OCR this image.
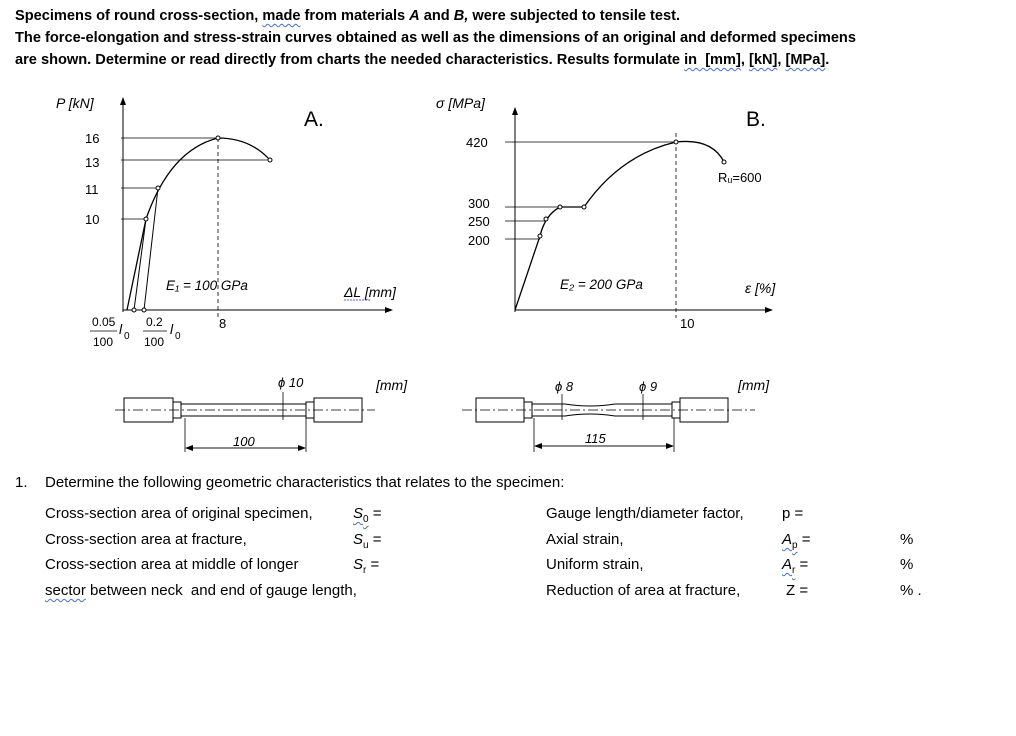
Specimens of round cross-section, made from materials A and B, were subjected to tensile test.

The force-elongation and stress-strain curves obtained as well as the dimensions of an original and deformed specimens

are shown. Determine or read directly from charts the needed characteristics. Results formulate in  [mm], [kN], [MPa].

P [kN]
A.
ΔL [mm]
16
13
11
10
E₁ = 100 GPa
8
0.05
100
l 0
0.2
100
l 0
σ [MPa]
B.
ε [%]
420
300
250
200
Rᵤ=600
E₂ = 200 GPa
10
ϕ 10	[mm]
100
ϕ 8	ϕ 9	[mm]
115
1. Determine the following geometric characteristics that relates to the specimen:
Cross-section area of original specimen,	$S_0$ =
Cross-section area at fracture,	$S_u$ =
Cross-section area at middle of longer	$S_r$ =
sector between neck  and end of gauge length,
Gauge length/diameter factor,	p =
Axial strain,	$A_p$ =	%
Uniform strain,	$A_r$ =	%
Reduction of area at fracture,	Z =	% .
